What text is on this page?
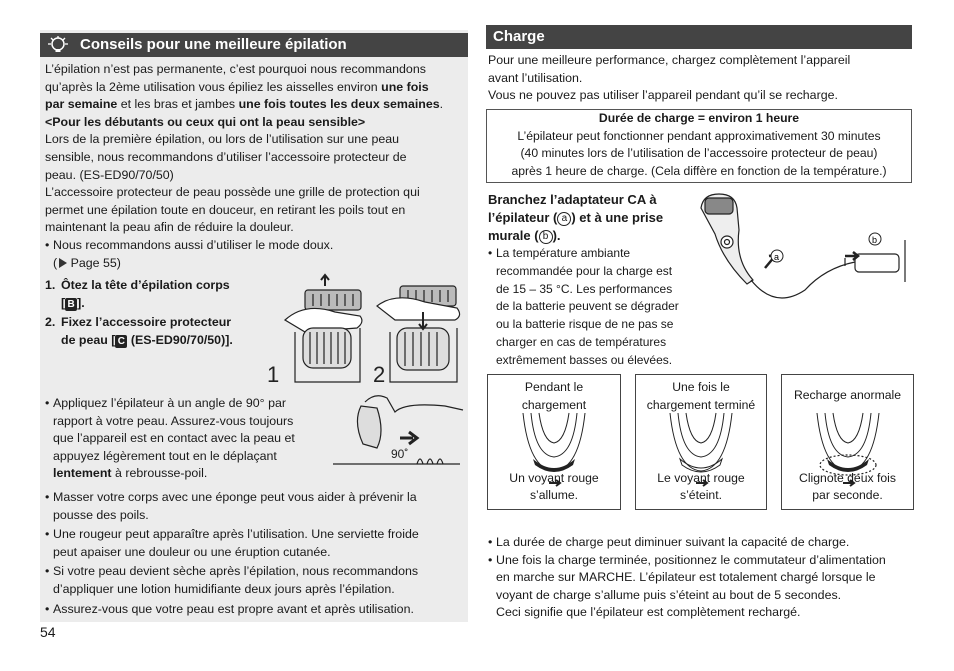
Conseils pour une meilleure épilation
L’épilation n’est pas permanente, c’est pourquoi nous recommandons
qu’après la 2ème utilisation vous épiliez les aisselles environ une fois
par semaine et les bras et jambes une fois toutes les deux semaines.
<Pour les débutants ou ceux qui ont la peau sensible>
Lors de la première épilation, ou lors de l’utilisation sur une peau
sensible, nous recommandons d’utiliser l’accessoire protecteur de
peau. (ES-ED90/70/50)
L’accessoire protecteur de peau possède une grille de protection qui
permet une épilation toute en douceur, en retirant les poils tout en
maintenant la peau afin de réduire la douleur.
• Nous recommandons aussi d’utiliser le mode doux.
( Page 55)
1. Ôtez la tête d’épilation corps
[ B ].
2. Fixez l’accessoire protecteur
de peau [ C (ES-ED90/70/50)].
1	2
• Appliquez l’épilateur à un angle de 90° par
rapport à votre peau. Assurez-vous toujours
que l’appareil est en contact avec la peau et
appuyez légèrement tout en le déplaçant
lentement à rebrousse-poil.
90˚
• Masser votre corps avec une éponge peut vous aider à prévenir la
pousse des poils.
• Une rougeur peut apparaître après l’utilisation. Une serviette froide
peut apaiser une douleur ou une éruption cutanée.
• Si votre peau devient sèche après l’épilation, nous recommandons
d’appliquer une lotion humidifiante deux jours après l’épilation.
• Assurez-vous que votre peau est propre avant et après utilisation.
54
Charge
Pour une meilleure performance, chargez complètement l’appareil
avant l’utilisation.
Vous ne pouvez pas utiliser l’appareil pendant qu’il se recharge.
Durée de charge = environ 1 heure
L’épilateur peut fonctionner pendant approximativement 30 minutes
(40 minutes lors de l’utilisation de l’accessoire protecteur de peau)
après 1 heure de charge. (Cela diffère en fonction de la température.)
Branchez l’adaptateur CA à
l’épilateur ( a ) et à une prise
murale ( b ).
• La température ambiante
recommandée pour la charge est
de 15 – 35 °C. Les performances
de la batterie peuvent se dégrader
ou la batterie risque de ne pas se
charger en cas de températures
extrêmement basses ou élevées.
a
b
Pendant le
chargement
Un voyant rouge
s’allume.
Une fois le
chargement terminé
Le voyant rouge
s’éteint.
Recharge anormale
Clignote deux fois
par seconde.
• La durée de charge peut diminuer suivant la capacité de charge.
• Une fois la charge terminée, positionnez le commutateur d’alimentation
en marche sur MARCHE. L’épilateur est totalement chargé lorsque le
voyant de charge s’allume puis s’éteint au bout de 5 secondes.
Ceci signifie que l’épilateur est complètement rechargé.
